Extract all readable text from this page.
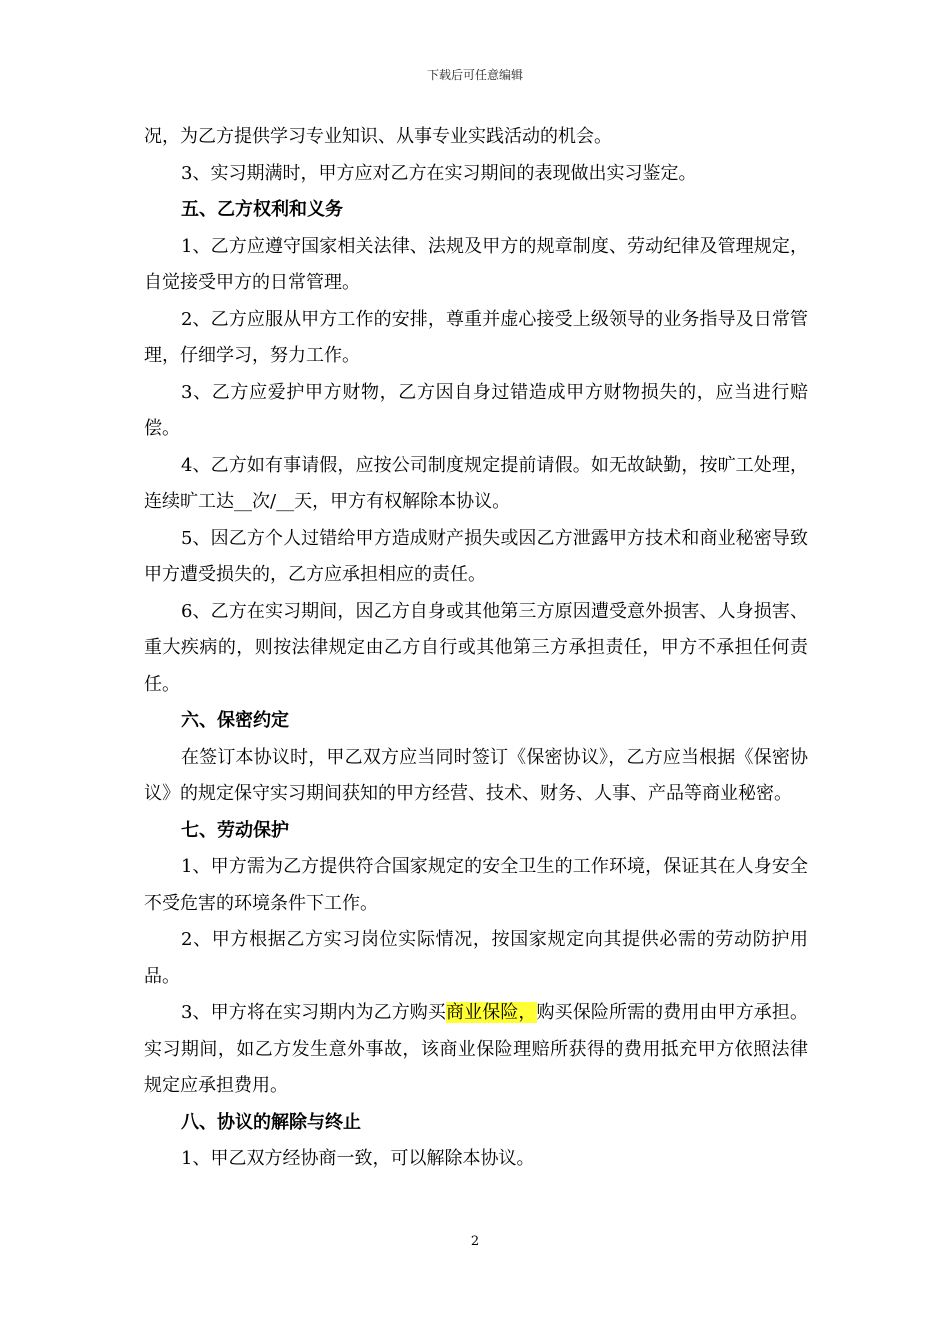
下载后可任意编辑

况，为乙方提供学习专业知识、从事专业实践活动的机会。

3、实习期满时，甲方应对乙方在实习期间的表现做出实习鉴定。

五、乙方权利和义务

1、乙方应遵守国家相关法律、法规及甲方的规章制度、劳动纪律及管理规定，自觉接受甲方的日常管理。

2、乙方应服从甲方工作的安排，尊重并虚心接受上级领导的业务指导及日常管理，仔细学习，努力工作。

3、乙方应爱护甲方财物，乙方因自身过错造成甲方财物损失的，应当进行赔偿。

4、乙方如有事请假，应按公司制度规定提前请假。如无故缺勤，按旷工处理，连续旷工达__次/__天，甲方有权解除本协议。

5、因乙方个人过错给甲方造成财产损失或因乙方泄露甲方技术和商业秘密导致甲方遭受损失的，乙方应承担相应的责任。

6、乙方在实习期间，因乙方自身或其他第三方原因遭受意外损害、人身损害、重大疾病的，则按法律规定由乙方自行或其他第三方承担责任，甲方不承担任何责任。

六、保密约定

在签订本协议时，甲乙双方应当同时签订《保密协议》，乙方应当根据《保密协议》的规定保守实习期间获知的甲方经营、技术、财务、人事、产品等商业秘密。

七、劳动保护

1、甲方需为乙方提供符合国家规定的安全卫生的工作环境，保证其在人身安全不受危害的环境条件下工作。

2、甲方根据乙方实习岗位实际情况，按国家规定向其提供必需的劳动防护用品。

3、甲方将在实习期内为乙方购买商业保险，购买保险所需的费用由甲方承担。实习期间，如乙方发生意外事故，该商业保险理赔所获得的费用抵充甲方依照法律规定应承担费用。

八、协议的解除与终止

1、甲乙双方经协商一致，可以解除本协议。

2
